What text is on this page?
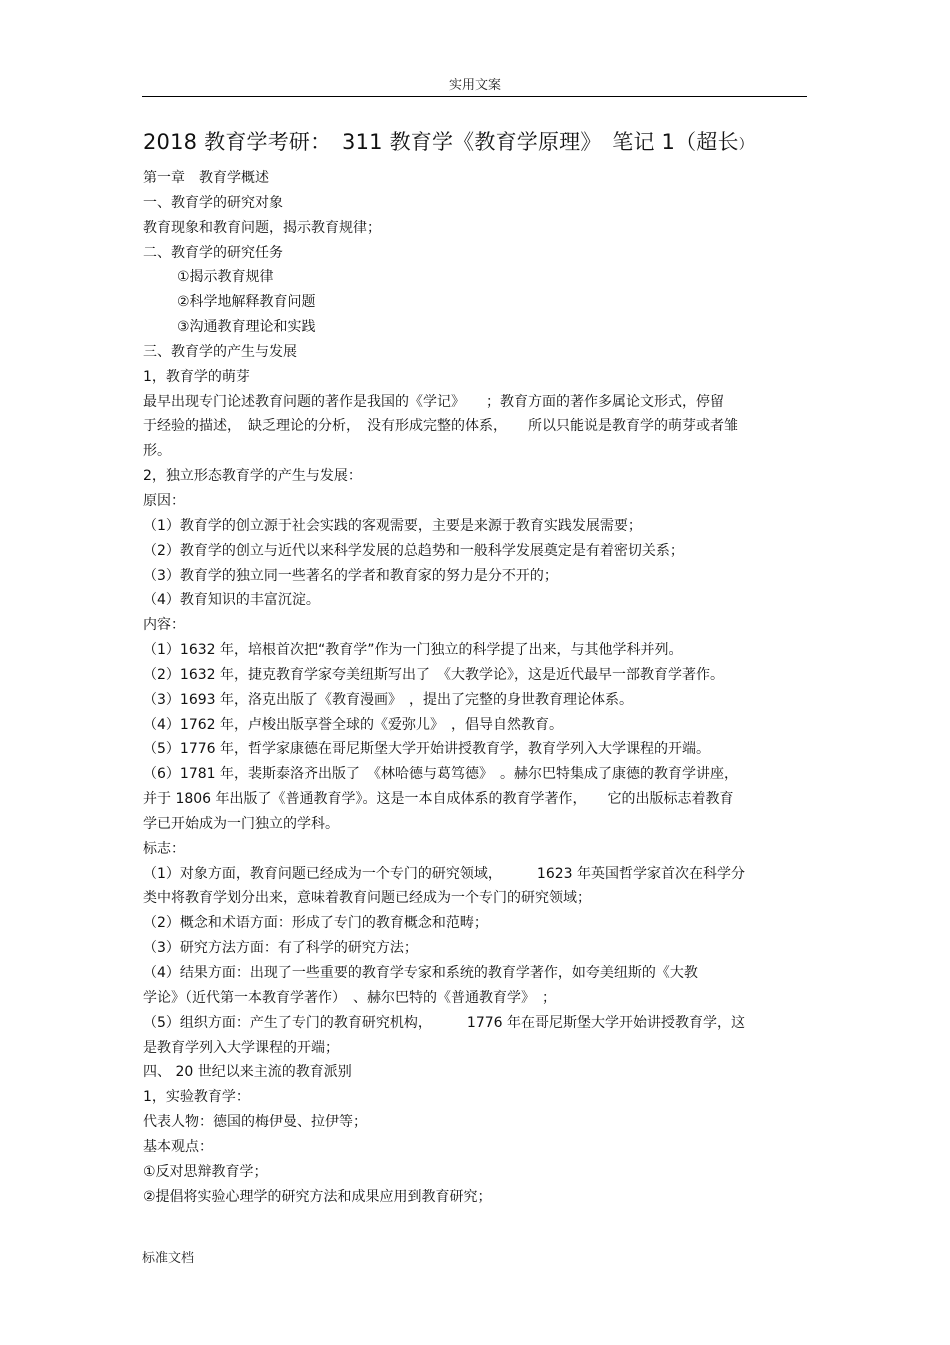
实用文案
2018 教育学考研：　311 教育学《教育学原理》　笔记 1（超长）
第一章　教育学概述
一、教育学的研究对象
教育现象和教育问题，揭示教育规律；
二、教育学的研究任务
①揭示教育规律
②科学地解释教育问题
③沟通教育理论和实践
三、教育学的产生与发展
1，教育学的萌芽
最早出现专门论述教育问题的著作是我国的《学记》　　；教育方面的著作多属论文形式，停留
于经验的描述，　缺乏理论的分析，　没有形成完整的体系，　　所以只能说是教育学的萌芽或者雏
形。
2，独立形态教育学的产生与发展：
原因：
（1）教育学的创立源于社会实践的客观需要，主要是来源于教育实践发展需要；
（2）教育学的创立与近代以来科学发展的总趋势和一般科学发展奠定是有着密切关系；
（3）教育学的独立同一些著名的学者和教育家的努力是分不开的；
（4）教育知识的丰富沉淀。
内容：
（1）1632 年，培根首次把“教育学”作为一门独立的科学提了出来，与其他学科并列。
（2）1632 年，捷克教育学家夸美纽斯写出了　《大教学论》，这是近代最早一部教育学著作。
（3）1693 年，洛克出版了《教育漫画》　，提出了完整的身世教育理论体系。
（4）1762 年，卢梭出版享誉全球的《爱弥儿》　，倡导自然教育。
（5）1776 年，哲学家康德在哥尼斯堡大学开始讲授教育学，教育学列入大学课程的开端。
（6）1781 年，裴斯泰洛齐出版了　《林哈德与葛笃德》　。赫尔巴特集成了康德的教育学讲座，
并于 1806 年出版了《普通教育学》。这是一本自成体系的教育学著作，　　它的出版标志着教育
学已开始成为一门独立的学科。
标志：
（1）对象方面，教育问题已经成为一个专门的研究领域，　　　1623 年英国哲学家首次在科学分
类中将教育学划分出来，意味着教育问题已经成为一个专门的研究领域；
（2）概念和术语方面：形成了专门的教育概念和范畴；
（3）研究方法方面：有了科学的研究方法；
（4）结果方面：出现了一些重要的教育学专家和系统的教育学著作，如夸美纽斯的《大教
学论》（近代第一本教育学著作）　、赫尔巴特的《普通教育学》　；
（5）组织方面：产生了专门的教育研究机构，　　　1776 年在哥尼斯堡大学开始讲授教育学，这
是教育学列入大学课程的开端；
四、 20 世纪以来主流的教育派别
1，实验教育学：
代表人物：德国的梅伊曼、拉伊等；
基本观点：
①反对思辩教育学；
②提倡将实验心理学的研究方法和成果应用到教育研究；
标准文档
